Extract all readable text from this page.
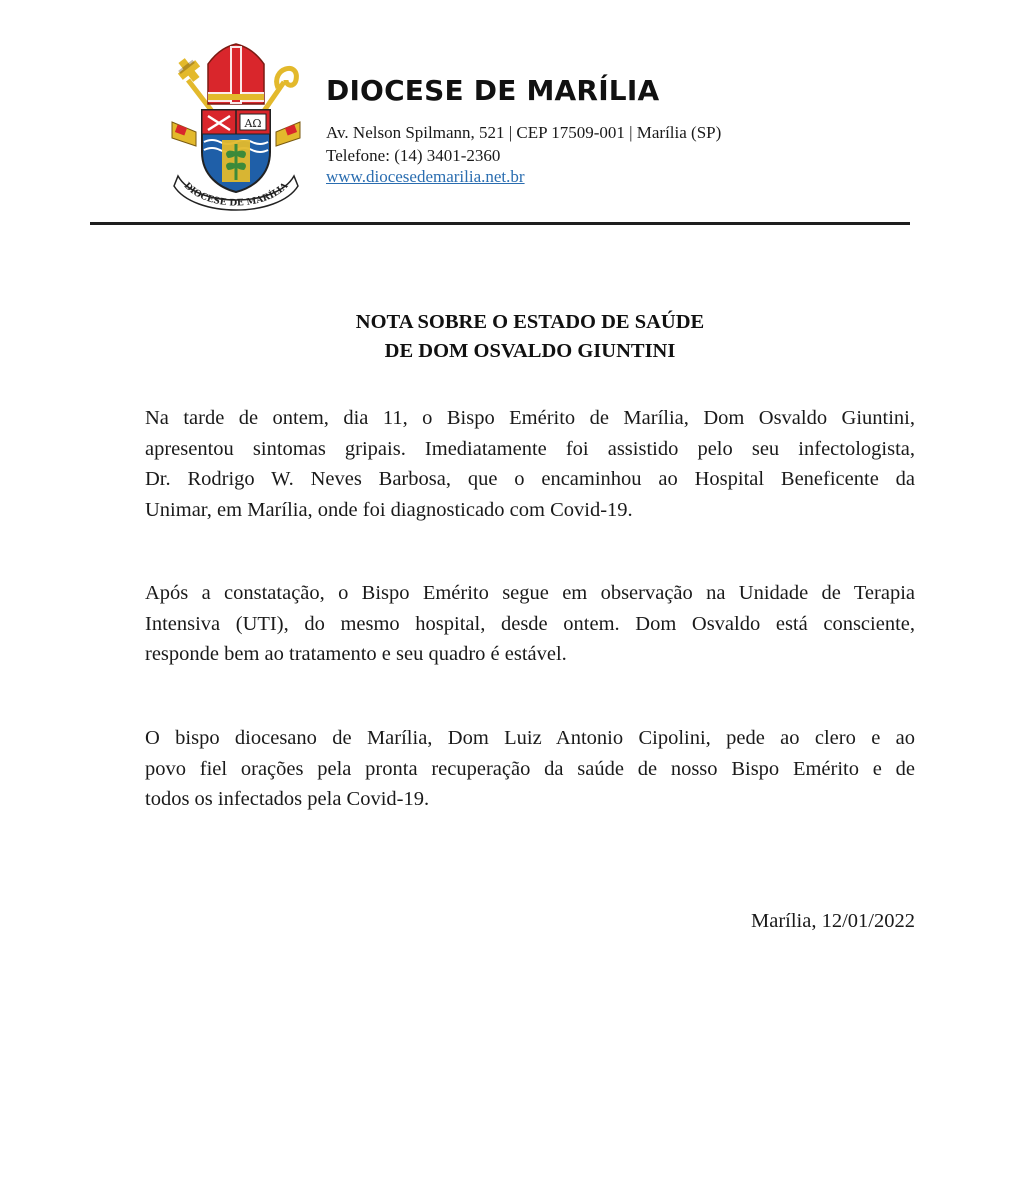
AΩ
DIOCESE DE MARÍLIA
DIOCESE DE MARÍLIA
Av. Nelson Spilmann, 521 | CEP 17509-001 | Marília (SP)
Telefone: (14) 3401-2360
www.diocesedemarilia.net.br
NOTA SOBRE O ESTADO DE SAÚDE
DE DOM OSVALDO GIUNTINI
Na tarde de ontem, dia 11, o Bispo Emérito de Marília, Dom Osvaldo Giuntini,
apresentou sintomas gripais. Imediatamente foi assistido pelo seu infectologista,
Dr. Rodrigo W. Neves Barbosa, que o encaminhou ao Hospital Beneficente da
Unimar, em Marília, onde foi diagnosticado com Covid-19.
Após a constatação, o Bispo Emérito segue em observação na Unidade de Terapia
Intensiva (UTI), do mesmo hospital, desde ontem. Dom Osvaldo está consciente,
responde bem ao tratamento e seu quadro é estável.
O bispo diocesano de Marília, Dom Luiz Antonio Cipolini, pede ao clero e ao
povo fiel orações pela pronta recuperação da saúde de nosso Bispo Emérito e de
todos os infectados pela Covid-19.
Marília, 12/01/2022
